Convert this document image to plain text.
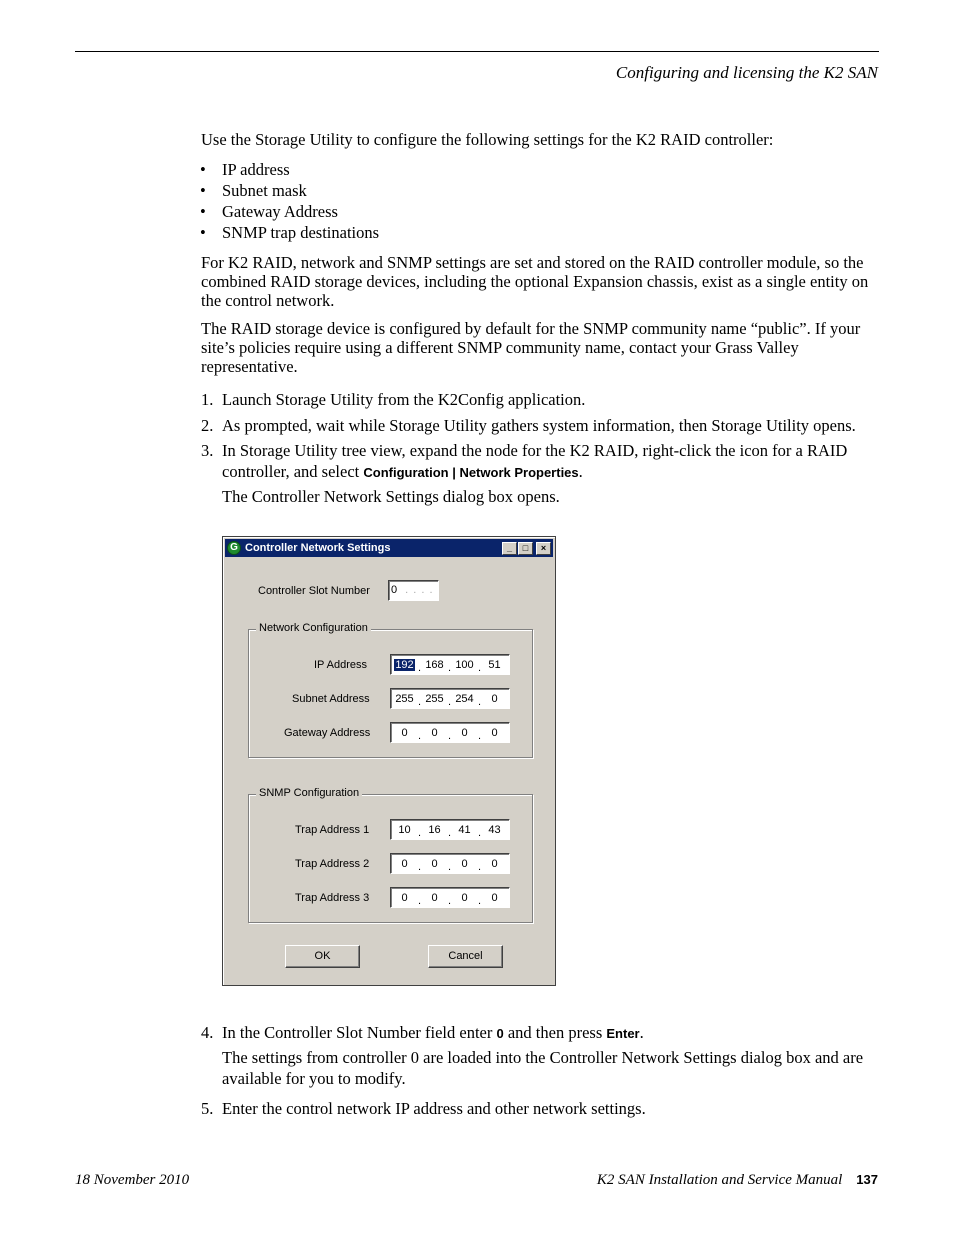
Configuring and licensing the K2 SAN
Use the Storage Utility to configure the following settings for the K2 RAID controller:
• IP address
• Subnet mask
• Gateway Address
• SNMP trap destinations
For K2 RAID, network and SNMP settings are set and stored on the RAID controller module, so the combined RAID storage devices, including the optional Expansion chassis, exist as a single entity on the control network.
The RAID storage device is configured by default for the SNMP community name “public”. If your site’s policies require using a different SNMP community name, contact your Grass Valley representative.
1. Launch Storage Utility from the K2Config application.
2. As prompted, wait while Storage Utility gathers system information, then Storage Utility opens.
3. In Storage Utility tree view, expand the node for the K2 RAID, right-click the icon for a RAID controller, and select Configuration | Network Properties.
The Controller Network Settings dialog box opens.
G Controller Network Settings	_	□	×
Controller Slot Number 0 . . . .
Network Configuration
IP Address	192 . 168 . 100 . 51
Subnet Address	255 . 255 . 254 . 0
Gateway Address	0 . 0 . 0 . 0
SNMP Configuration
Trap Address 1	10 . 16 . 41 . 43
Trap Address 2	0 . 0 . 0 . 0
Trap Address 3	0 . 0 . 0 . 0
OK	Cancel
4. In the Controller Slot Number field enter 0 and then press Enter.
The settings from controller 0 are loaded into the Controller Network Settings dialog box and are available for you to modify.
5. Enter the control network IP address and other network settings.
18 November 2010	K2 SAN Installation and Service Manual 137
